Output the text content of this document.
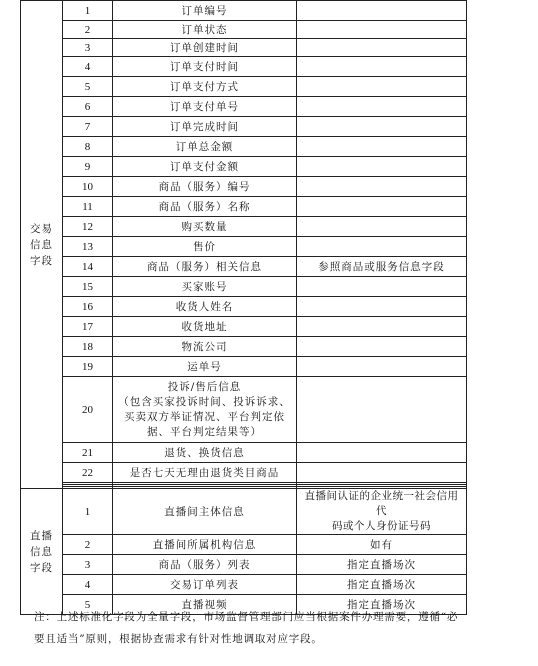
交易信息字段	1	订单编号	
	2	订单状态	
	3	订单创建时间	
	4	订单支付时间	
	5	订单支付方式	
	6	订单支付单号	
	7	订单完成时间	
	8	订单总金额	
	9	订单支付金额	
	10	商品（服务）编号	
	11	商品（服务）名称	
	12	购买数量	
	13	售价	
	14	商品（服务）相关信息	参照商品或服务信息字段
	15	买家账号	
	16	收货人姓名	
	17	收货地址	
	18	物流公司	
	19	运单号	
	20	投诉/售后信息
（包含买家投诉时间、投诉诉求、
买卖双方举证情况、平台判定依
据、平台判定结果等）	

	21	退货、换货信息	
	22	是否七天无理由退货类目商品	

直播信息字段	1	直播间主体信息	直播间认证的企业统一社会信用代
码或个人身份证号码

	2	直播间所属机构信息	如有
	3	商品（服务）列表	指定直播场次
	4	交易订单列表	指定直播场次
	5	直播视频	指定直播场次
注：上述标准化字段为全量字段，市场监督管理部门应当根据案件办理需要，遵循“必
要且适当”原则，根据协查需求有针对性地调取对应字段。
